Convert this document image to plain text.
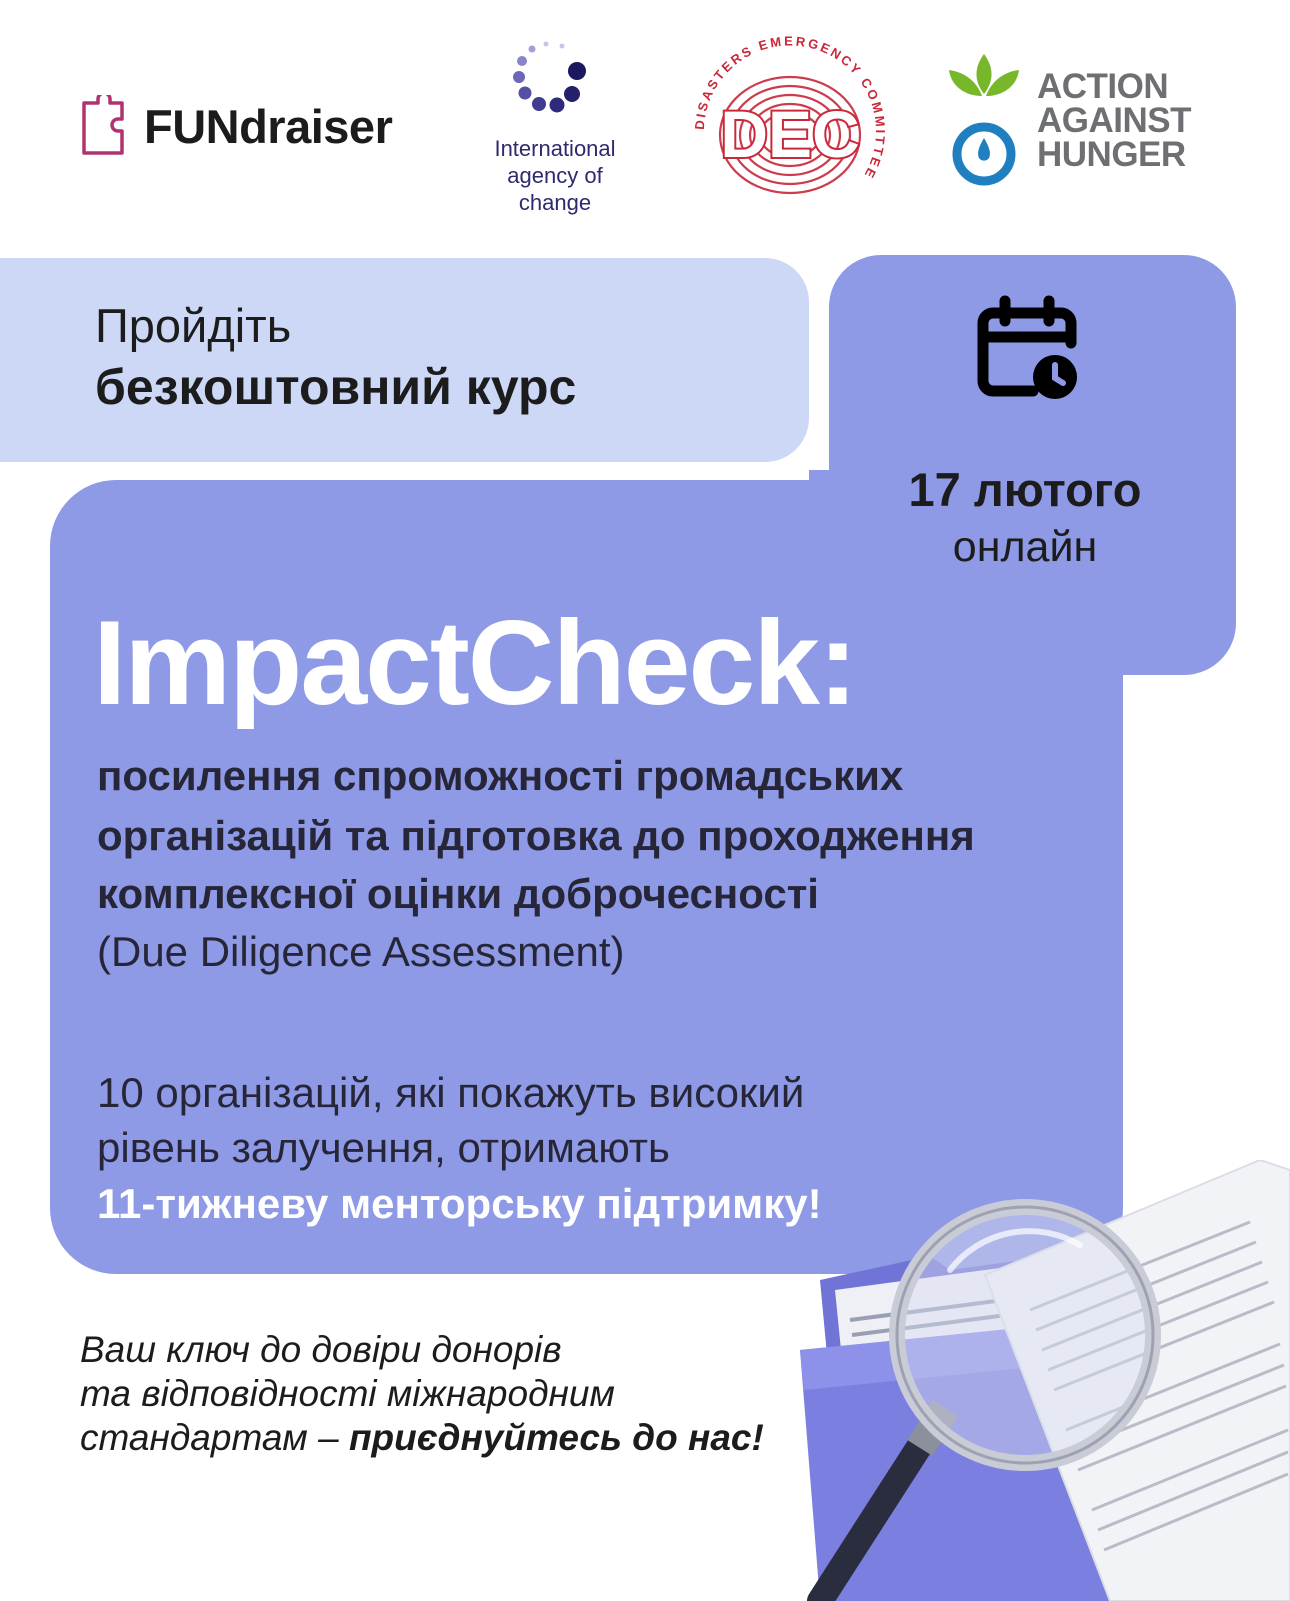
FUNdraiser	International
agency of
change
DISASTERS EMERGENCY COMMITTEE
DEC
ACTION
AGAINST
HUNGER
Пройдіть
безкоштовний курс
17 лютого
онлайн
ImpactCheck:
посилення спроможності громадських
організацій та підготовка до проходження
комплексної оцінки доброчесності
(Due Diligence Assessment)
10 організацій, які покажуть високий
рівень залучення, отримають
11-тижневу менторську підтримку!
Ваш ключ до довіри донорів
та відповідності міжнародним
стандартам – приєднуйтесь до нас!
